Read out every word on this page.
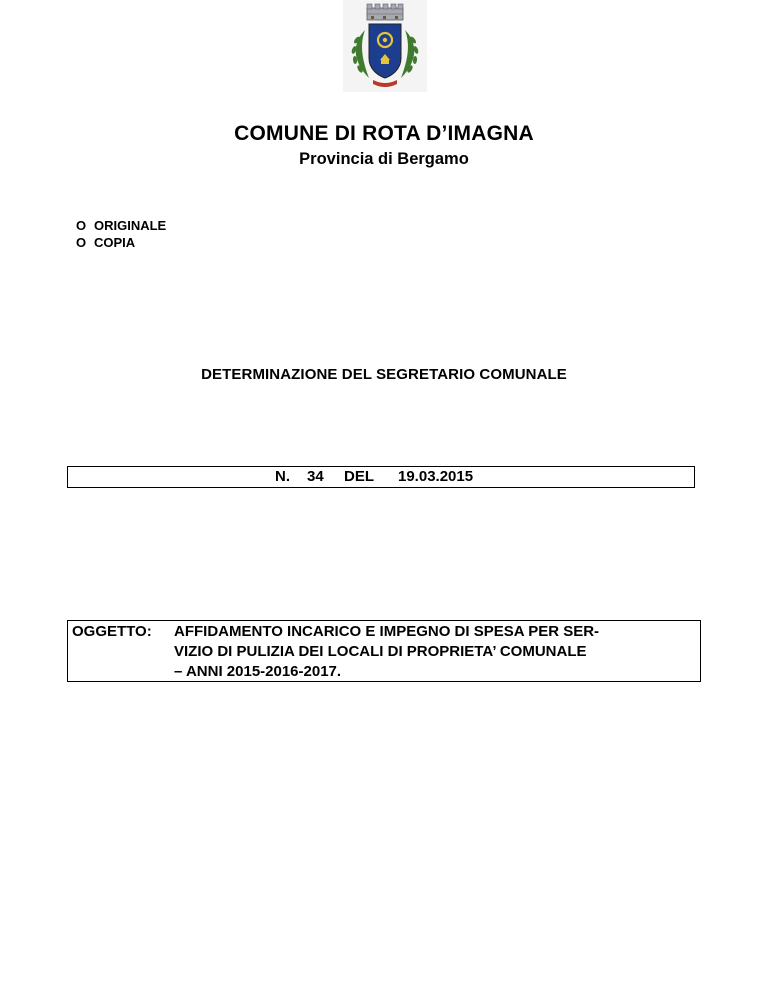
COMUNE DI ROTA D’IMAGNA
Provincia di Bergamo
O ORIGINALE
O COPIA
DETERMINAZIONE DEL SEGRETARIO COMUNALE
N. 34 DEL 19.03.2015
OGGETTO: AFFIDAMENTO INCARICO E IMPEGNO DI SPESA PER SER-
VIZIO DI PULIZIA DEI LOCALI DI PROPRIETA’ COMUNALE
– ANNI 2015-2016-2017.
